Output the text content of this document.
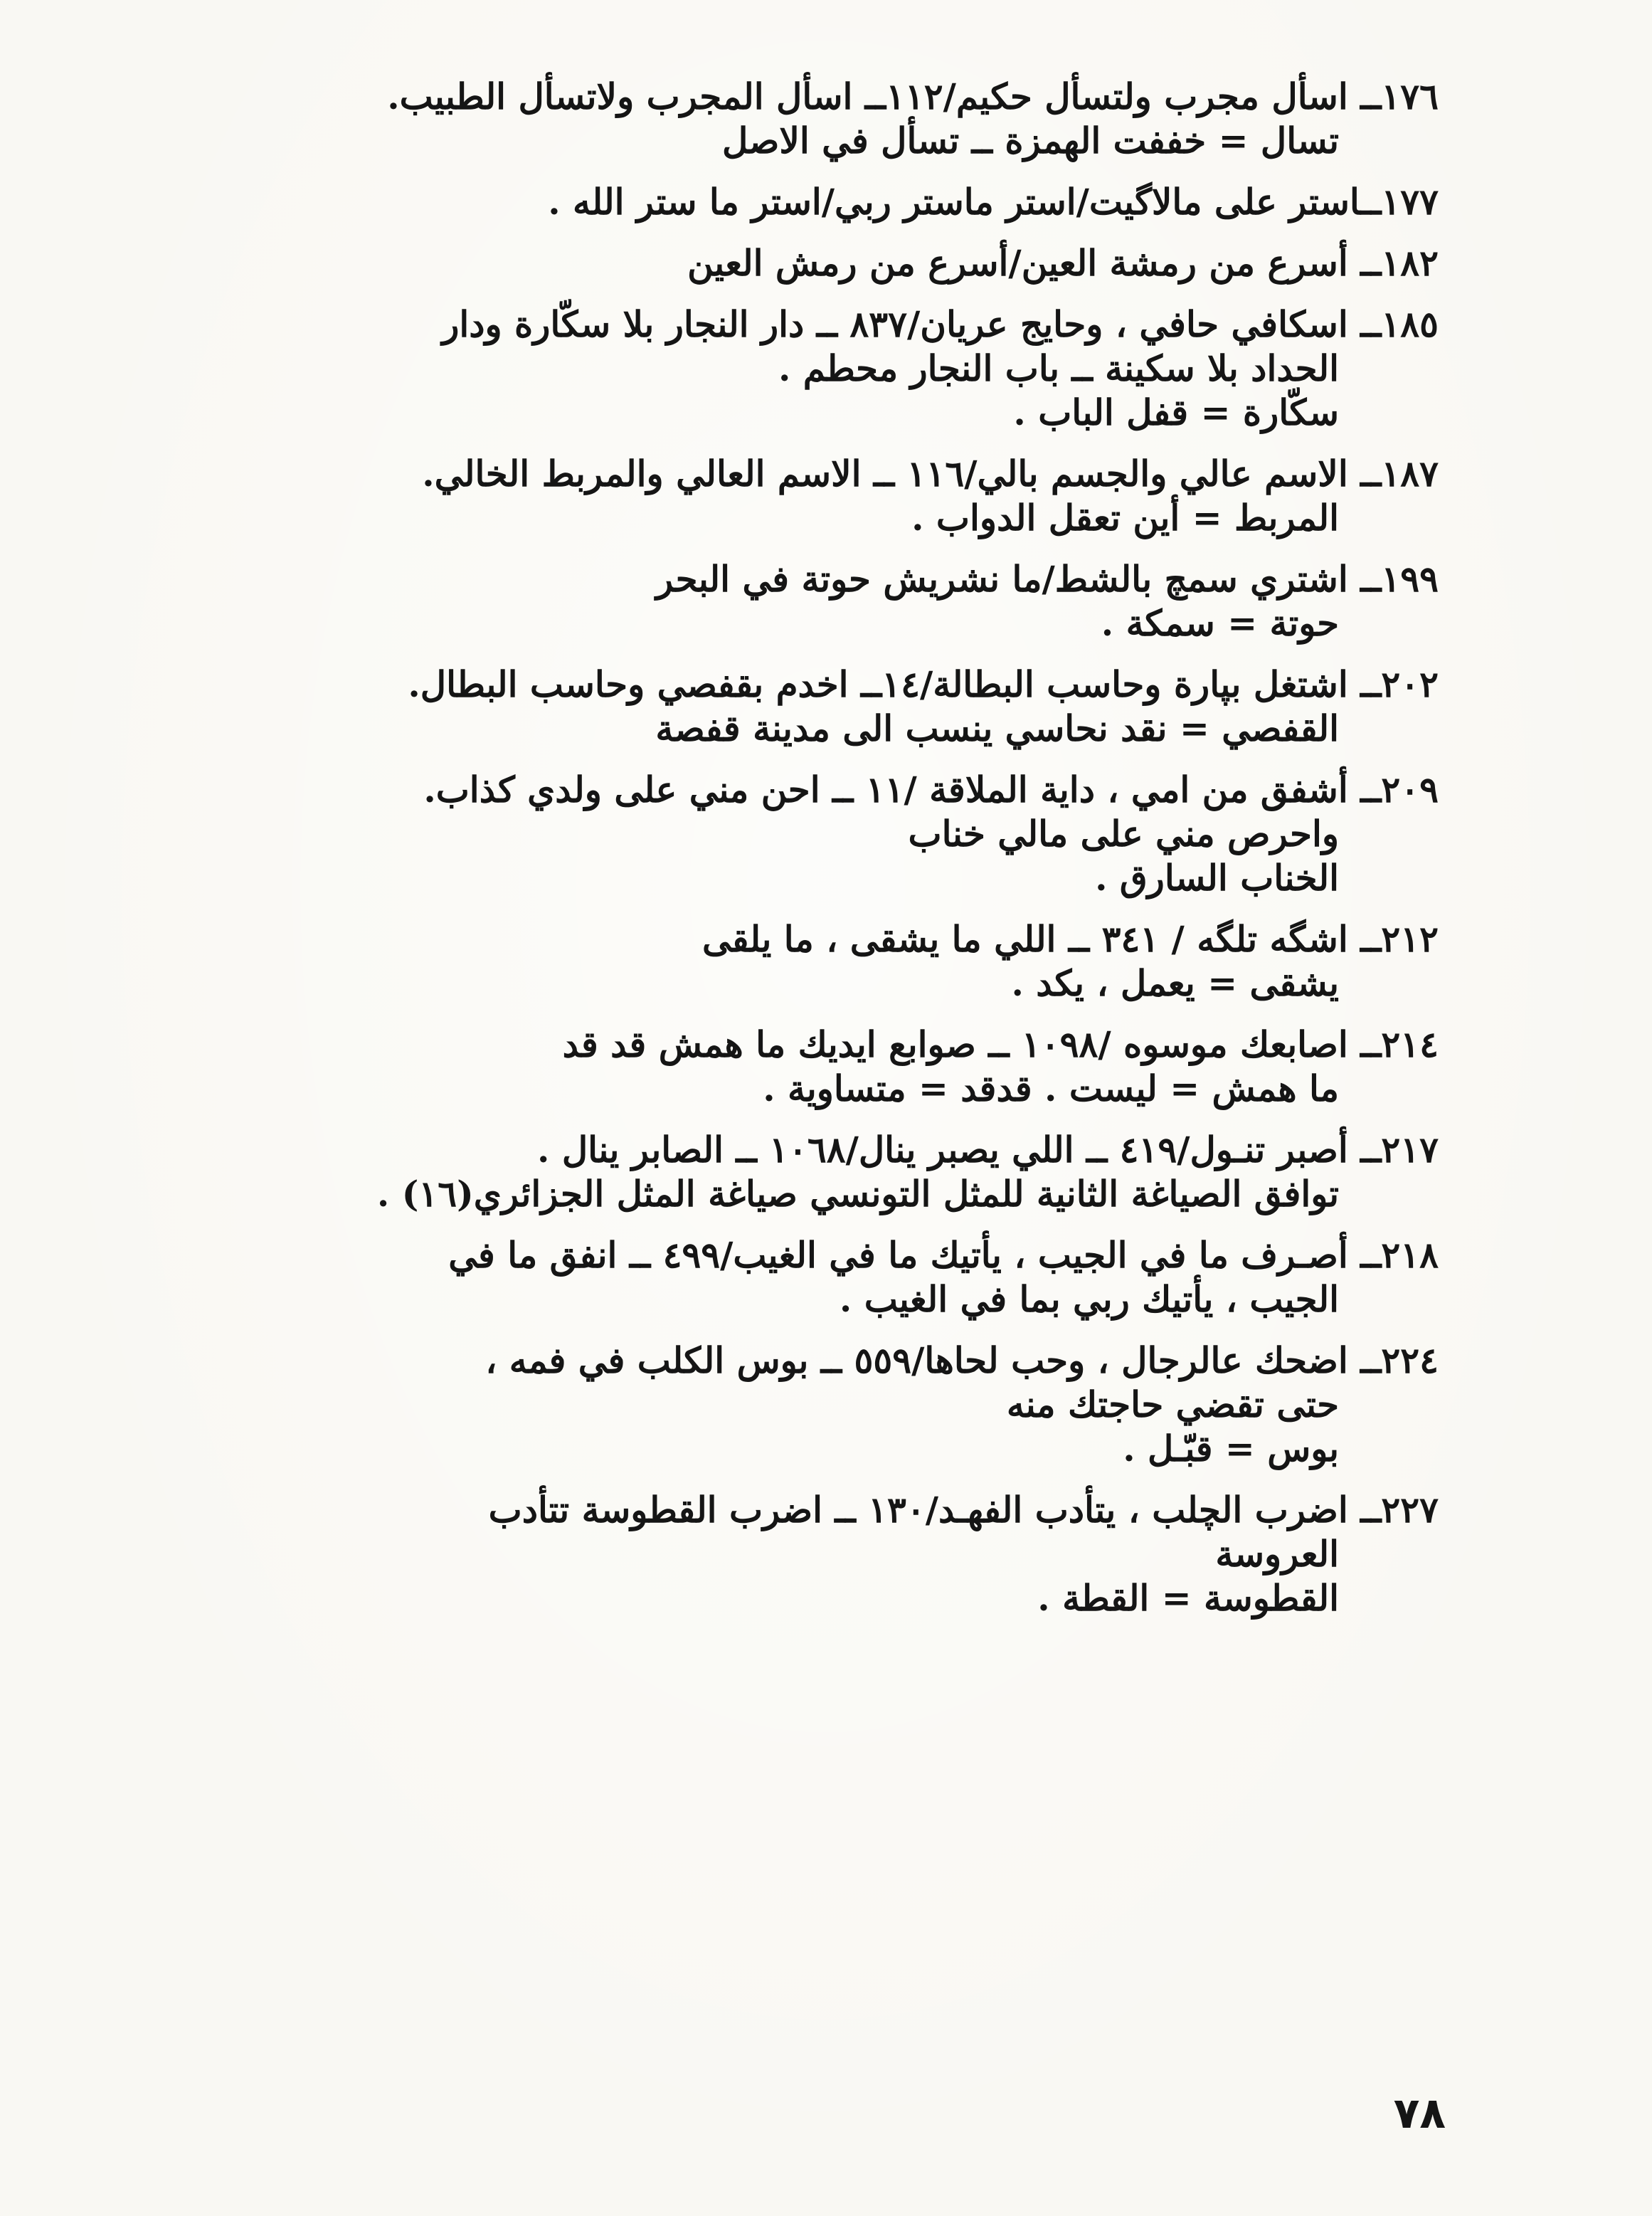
١٧٦ــ اسأل مجرب ولتسأل حكيم/١١٢ــ اسأل المجرب ولاتسأل الطبيب.
تسال = خففت الهمزة ــ تسأل في الاصل
١٧٧ــاستر على مالاگيت/استر ماستر ربي/استر ما ستر الله .
١٨٢ــ أسرع من رمشة العين/أسرع من رمش العين
١٨٥ــ اسكافي حافي ، وحايج عريان/٨٣٧ ــ دار النجار بلا سكّارة ودار
الحداد بلا سكينة ــ باب النجار محطم .
سكّارة = قفل الباب .
١٨٧ــ الاسم عالي والجسم بالي/١١٦ ــ الاسم العالي والمربط الخالي.
المربط = أين تعقل الدواب .
١٩٩ــ اشتري سمچ بالشط/ما نشريش حوتة في البحر
حوتة = سمكة .
٢٠٢ــ اشتغل بپارة وحاسب البطالة/١٤ــ اخدم بقفصي وحاسب البطال.
القفصي = نقد نحاسي ينسب الى مدينة قفصة
٢٠٩ــ أشفق من امي ، داية الملاقة /١١ ــ احن مني على ولدي كذاب.
واحرص مني على مالي خناب
الخناب السارق .
٢١٢ــ اشگه تلگه / ٣٤١ ــ اللي ما يشقى ، ما يلقى
يشقى = يعمل ، يكد .
٢١٤ــ اصابعك موسوه /١٠٩٨ ــ صوابع ايديك ما همش قد قد
ما همش = ليست . قدقد = متساوية .
٢١٧ــ أصبر تنـول/٤١٩ ــ اللي يصبر ينال/١٠٦٨ ــ الصابر ينال .
توافق الصياغة الثانية للمثل التونسي صياغة المثل الجزائري(١٦) .
٢١٨ــ أصـرف ما في الجيب ، يأتيك ما في الغيب/٤٩٩ ــ انفق ما في
الجيب ، يأتيك ربي بما في الغيب .
٢٢٤ــ اضحك عالرجال ، وحب لحاها/٥٥٩ ــ بوس الكلب في فمه ،
حتى تقضي حاجتك منه
بوس = قبّـل .
٢٢٧ــ اضرب الچلب ، يتأدب الفهـد/١٣٠ ــ اضرب القطوسة تتأدب
العروسة
القطوسة = القطة .
٧٨
